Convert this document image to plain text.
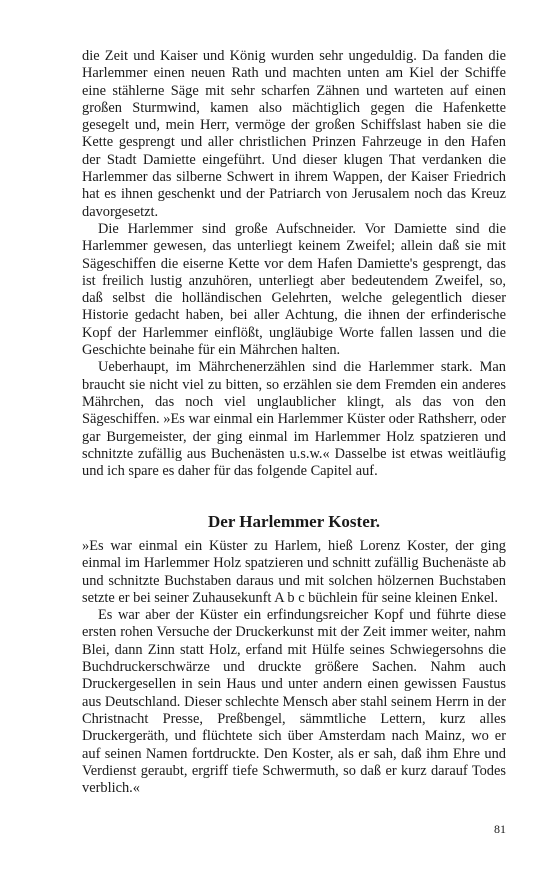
die Zeit und Kaiser und König wurden sehr ungeduldig. Da fanden die Harlemmer einen neuen Rath und machten unten am Kiel der Schiffe eine stählerne Säge mit sehr scharfen Zähnen und warteten auf einen großen Sturmwind, kamen also mächtiglich gegen die Hafenkette gesegelt und, mein Herr, vermöge der großen Schiffslast haben sie die Kette gesprengt und aller christlichen Prinzen Fahrzeuge in den Hafen der Stadt Damiette eingeführt. Und dieser klugen That verdanken die Harlemmer das silberne Schwert in ihrem Wappen, der Kaiser Friedrich hat es ihnen geschenkt und der Patriarch von Jerusalem noch das Kreuz davorgesetzt.

Die Harlemmer sind große Aufschneider. Vor Damiette sind die Harlemmer gewesen, das unterliegt keinem Zweifel; allein daß sie mit Sägeschiffen die eiserne Kette vor dem Hafen Damiette's gesprengt, das ist freilich lustig anzuhören, unterliegt aber bedeutendem Zweifel, so, daß selbst die holländischen Gelehrten, welche gelegentlich dieser Historie gedacht haben, bei aller Achtung, die ihnen der erfinderische Kopf der Harlemmer einflößt, ungläubige Worte fallen lassen und die Geschichte beinahe für ein Mährchen halten.

Ueberhaupt, im Mährchenerzählen sind die Harlemmer stark. Man braucht sie nicht viel zu bitten, so erzählen sie dem Fremden ein anderes Mährchen, das noch viel unglaublicher klingt, als das von den Sägeschiffen. »Es war einmal ein Harlemmer Küster oder Rathsherr, oder gar Burgemeister, der ging einmal im Harlemmer Holz spatzieren und schnitzte zufällig aus Buchenästen u.s.w.« Dasselbe ist etwas weitläufig und ich spare es daher für das folgende Capitel auf.

Der Harlemmer Koster.

»Es war einmal ein Küster zu Harlem, hieß Lorenz Koster, der ging einmal im Harlemmer Holz spatzieren und schnitt zufällig Buchenäste ab und schnitzte Buchstaben daraus und mit solchen hölzernen Buchstaben setzte er bei seiner Zuhausekunft A b c büchlein für seine kleinen Enkel.

Es war aber der Küster ein erfindungsreicher Kopf und führte diese ersten rohen Versuche der Druckerkunst mit der Zeit immer weiter, nahm Blei, dann Zinn statt Holz, erfand mit Hülfe seines Schwiegersohns die Buchdruckerschwärze und druckte größere Sachen. Nahm auch Druckergesellen in sein Haus und unter andern einen gewissen Faustus aus Deutschland. Dieser schlechte Mensch aber stahl seinem Herrn in der Christnacht Presse, Preßbengel, sämmtliche Lettern, kurz alles Druckergeräth, und flüchtete sich über Amsterdam nach Mainz, wo er auf seinen Namen fortdruckte. Den Koster, als er sah, daß ihm Ehre und Verdienst geraubt, ergriff tiefe Schwermuth, so daß er kurz darauf Todes verblich.«

81
